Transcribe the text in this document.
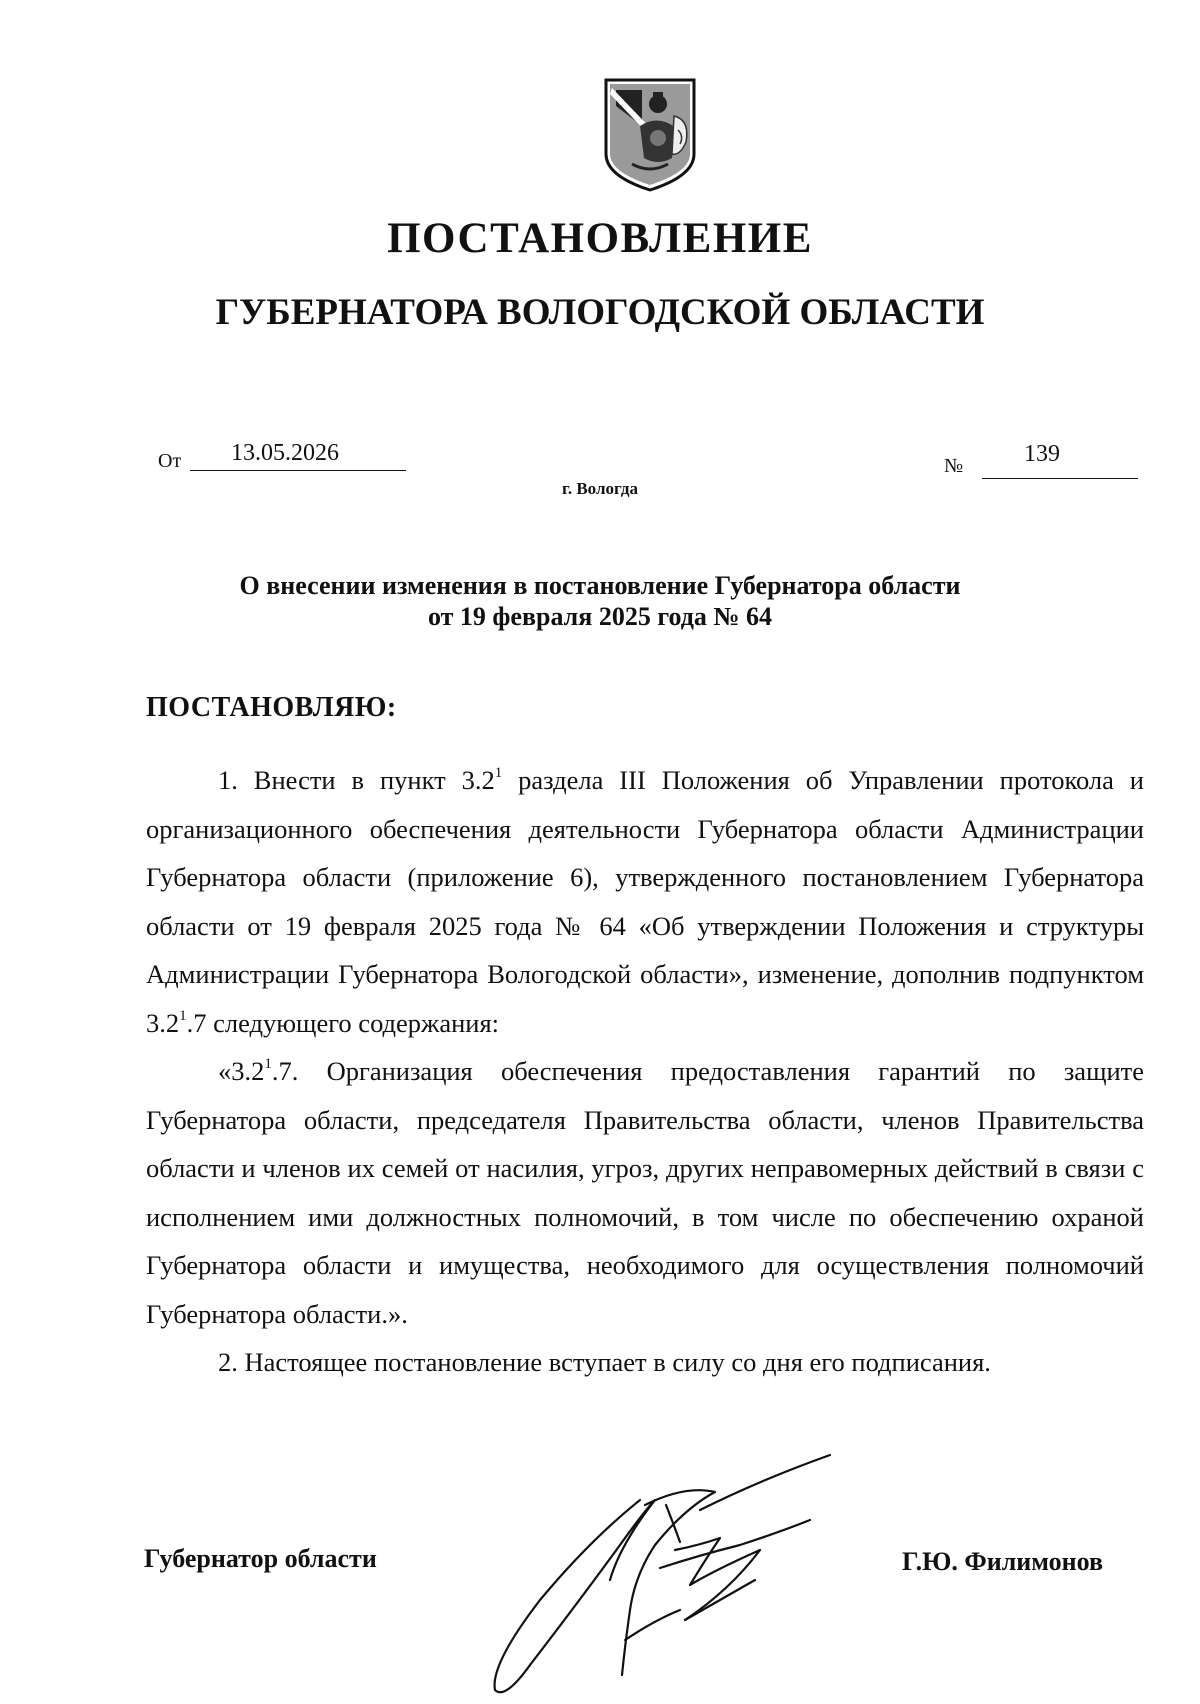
ПОСТАНОВЛЕНИЕ
ГУБЕРНАТОРА ВОЛОГОДСКОЙ ОБЛАСТИ
От	13.05.2026	№	139
г. Вологда
О внесении изменения в постановление Губернатора области
от 19 февраля 2025 года № 64
ПОСТАНОВЛЯЮ:

1. Внести в пункт $3.2^1$ раздела III Положения об Управлении протокола и организационного обеспечения деятельности Губернатора области Администрации Губернатора области (приложение 6), утвержденного постановлением Губернатора области от 19 февраля 2025 года № 64 «Об утверждении Положения и структуры Администрации Губернатора Вологодской области», изменение, дополнив подпунктом $3.2^1.7$ следующего содержания:

«$3.2^1.7$. Организация обеспечения предоставления гарантий по защите Губернатора области, председателя Правительства области, членов Правительства области и членов их семей от насилия, угроз, других неправомерных действий в связи с исполнением ими должностных полномочий, в том числе по обеспечению охраной Губернатора области и имущества, необходимого для осуществления полномочий Губернатора области.».

2. Настоящее постановление вступает в силу со дня его подписания.

Губернатор области	Г.Ю. Филимонов
